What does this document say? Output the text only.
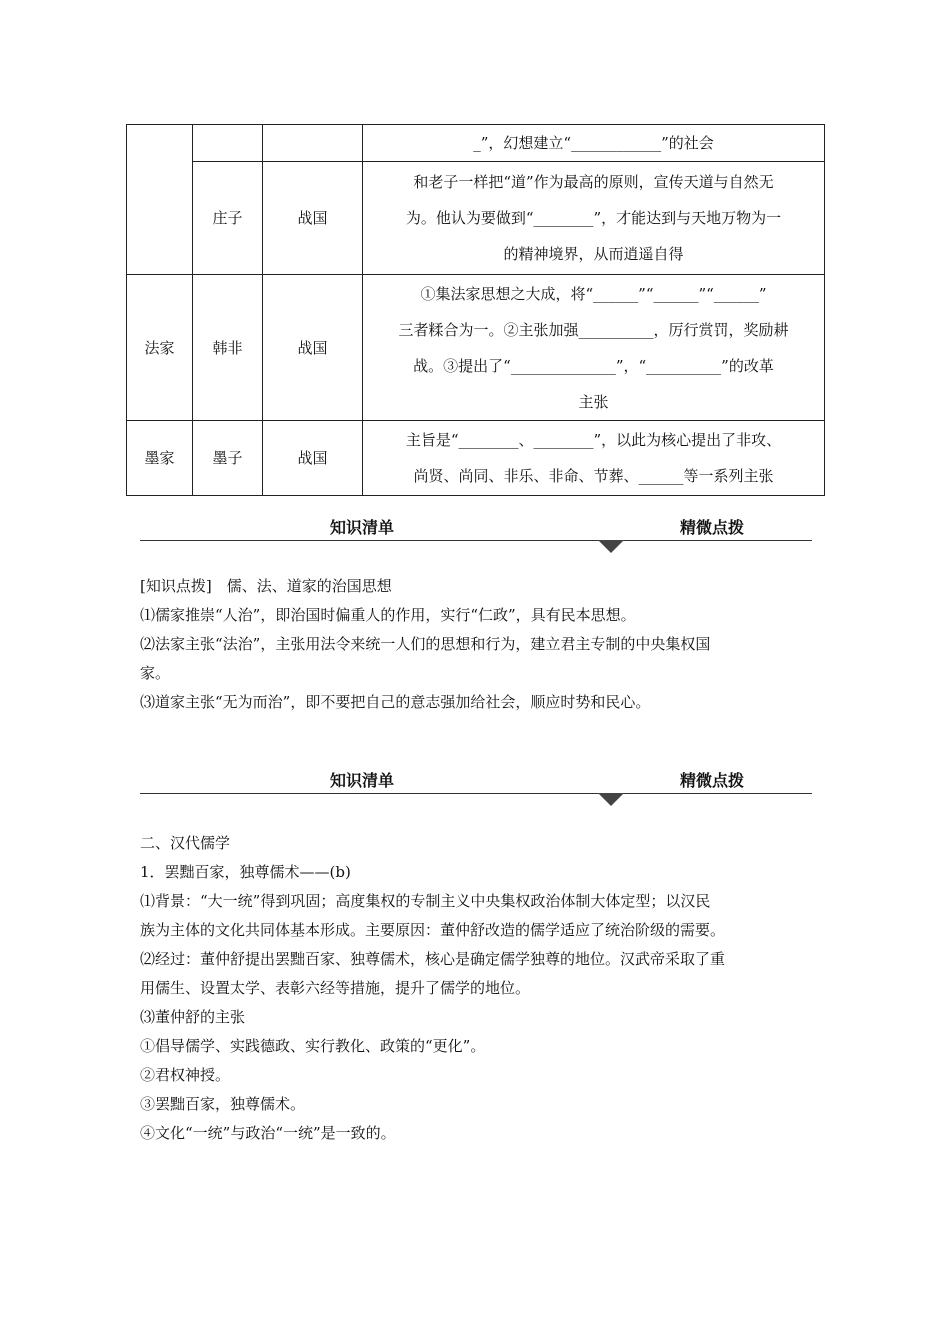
			_”，幻想建立“____________”的社会

	庄子	战国	和老子一样把“道”作为最高的原则，宣传天道与自然无
为。他认为要做到“________”，才能达到与天地万物为一
的精神境界，从而逍遥自得

法家	韩非	战国	①集法家思想之大成，将“______”“______”“______”
三者糅合为一。②主张加强__________，厉行赏罚，奖励耕
战。③提出了“______________”，“__________”的改革
主张

墨家	墨子	战国	主旨是“________、________”，以此为核心提出了非攻、
尚贤、尚同、非乐、非命、节葬、______等一系列主张
知识清单	精微点拨

[知识点拨]　儒、法、道家的治国思想

⑴儒家推崇“人治”，即治国时偏重人的作用，实行“仁政”，具有民本思想。

⑵法家主张“法治”，主张用法令来统一人们的思想和行为，建立君主专制的中央集权国

家。

⑶道家主张“无为而治”，即不要把自己的意志强加给社会，顺应时势和民心。

知识清单	精微点拨

二、汉代儒学

1．罢黜百家，独尊儒术——(b)

⑴背景：“大一统”得到巩固；高度集权的专制主义中央集权政治体制大体定型；以汉民

族为主体的文化共同体基本形成。主要原因：董仲舒改造的儒学适应了统治阶级的需要。

⑵经过：董仲舒提出罢黜百家、独尊儒术，核心是确定儒学独尊的地位。汉武帝采取了重

用儒生、设置太学、表彰六经等措施，提升了儒学的地位。

⑶董仲舒的主张

①倡导儒学、实践德政、实行教化、政策的“更化”。

②君权神授。

③罢黜百家，独尊儒术。

④文化“一统”与政治“一统”是一致的。
